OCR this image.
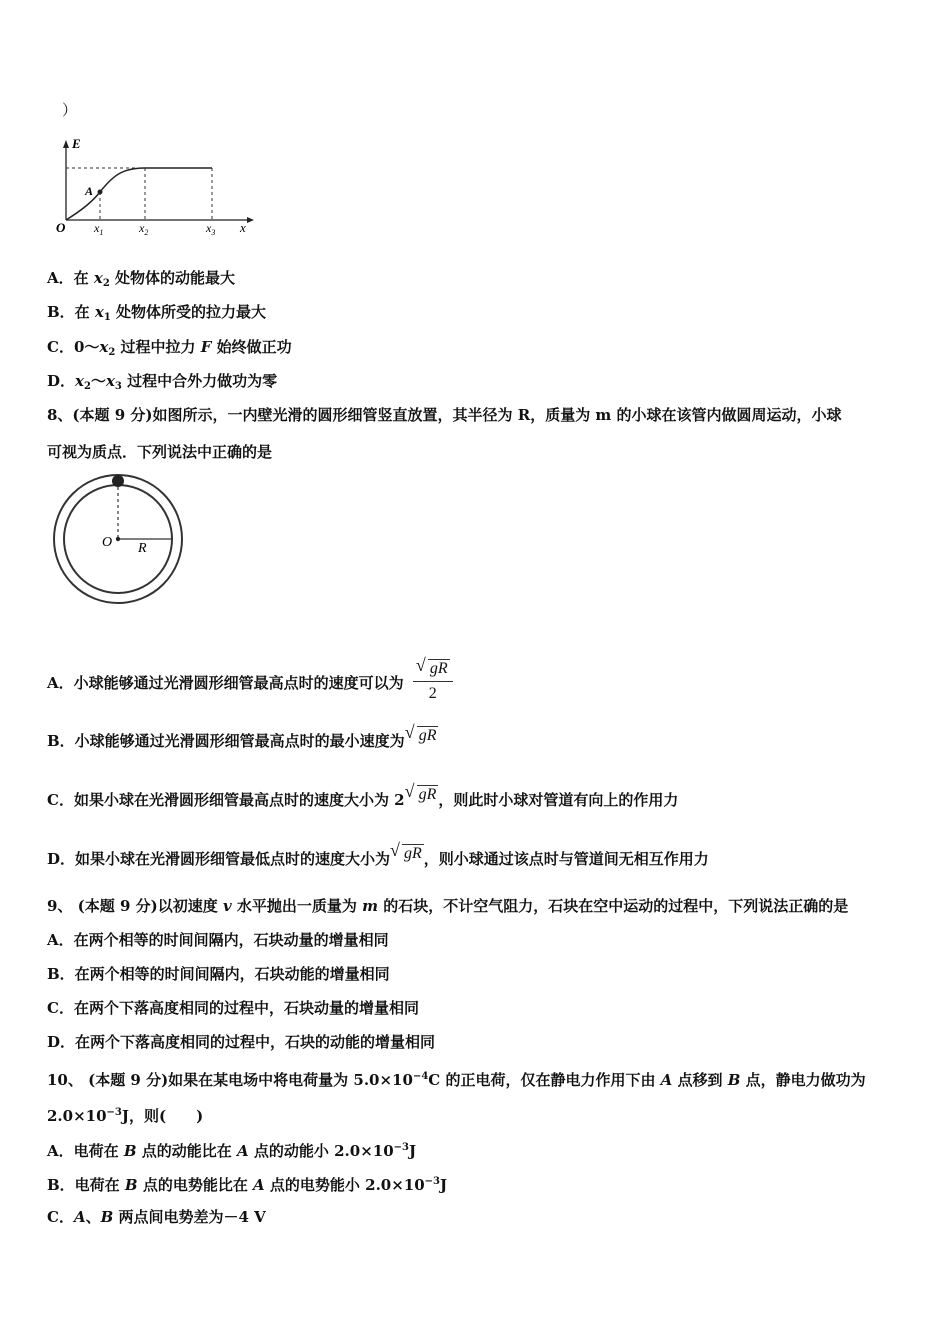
）
E
x
O
A
$x_1$	$x_2$	$x_3$
A．在 $x_2$ 处物体的动能最大
B．在 $x_1$ 处物体所受的拉力最大
C．$0\sim x_2$ 过程中拉力 F 始终做正功
D．$x_2\sim x_3$ 过程中合外力做功为零
8、(本题 9 分)如图所示，一内壁光滑的圆形细管竖直放置，其半径为 R，质量为 m 的小球在该管内做圆周运动，小球
可视为质点．下列说法中正确的是
O R
A．小球能够通过光滑圆形细管最高点时的速度可以为 $\frac{√ gR}{2}$
B．小球能够通过光滑圆形细管最高点时的最小速度为 √ gR
C．如果小球在光滑圆形细管最高点时的速度大小为 2 √ gR ，则此时小球对管道有向上的作用力
D．如果小球在光滑圆形细管最低点时的速度大小为 √ gR ，则小球通过该点时与管道间无相互作用力
9、 (本题 9 分)以初速度 v 水平抛出一质量为 m 的石块，不计空气阻力，石块在空中运动的过程中，下列说法正确的是
A．在两个相等的时间间隔内，石块动量的增量相同
B．在两个相等的时间间隔内，石块动能的增量相同
C．在两个下落高度相同的过程中，石块动量的增量相同
D．在两个下落高度相同的过程中，石块的动能的增量相同
10、 (本题 9 分)如果在某电场中将电荷量为 $5.0\times 10^{-4}C$ 的正电荷，仅在静电力作用下由 A 点移到 B 点，静电力做功为
$2.0\times 10^{-3}J$，则(　　)
A．电荷在 B 点的动能比在 A 点的动能小 $2.0\times 10^{-3}J$
B．电荷在 B 点的电势能比在 A 点的电势能小 $2.0\times 10^{-3}J$
C．A、B 两点间电势差为－4 V
